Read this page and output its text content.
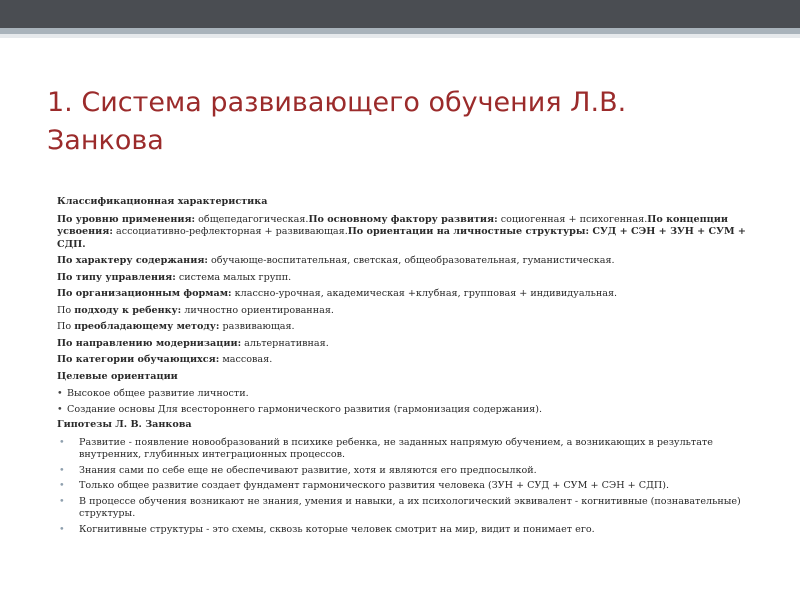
1. Система развивающего обучения Л.В. Занкова

Классификационная характеристика

По уровню применения: общепедагогическая.По основному фактору развития: социогенная + психогенная.По концепции усвоения: ассоциативно-рефлекторная + развивающая.По ориентации на личностные структуры: СУД + СЭН + ЗУН + СУМ + СДП.

По характеру содержания: обучающе-воспитательная, светская, общеобразовательная, гуманистическая.

По типу управления: система малых групп.

По организационным формам: классно-урочная, академическая +клубная, групповая + индивидуальная.

По подходу к ребенку: личностно ориентированная.

По преобладающему методу: развивающая.

По направлению модернизации: альтернативная.

По категории обучающихся: массовая.

Целевые ориентации

• Высокое общее развитие личности.

• Создание основы Для всестороннего гармонического развития (гармонизация содержания).

Гипотезы Л. В. Занкова

• Развитие - появление новообразований в психике ребенка, не заданных напрямую обучением, а возникающих в результате внутренних, глубинных интеграционных процессов.

• Знания сами по себе еще не обеспечивают развитие, хотя и являются его предпосылкой.

• Только общее развитие создает фундамент гармонического развития человека (ЗУН + СУД + СУМ + СЭН + СДП).

• В процессе обучения возникают не знания, умения и навыки, а их психологический эквивалент - когнитивные (познавательные) структуры.

• Когнитивные структуры - это схемы, сквозь которые человек смотрит на мир, видит и понимает его.
